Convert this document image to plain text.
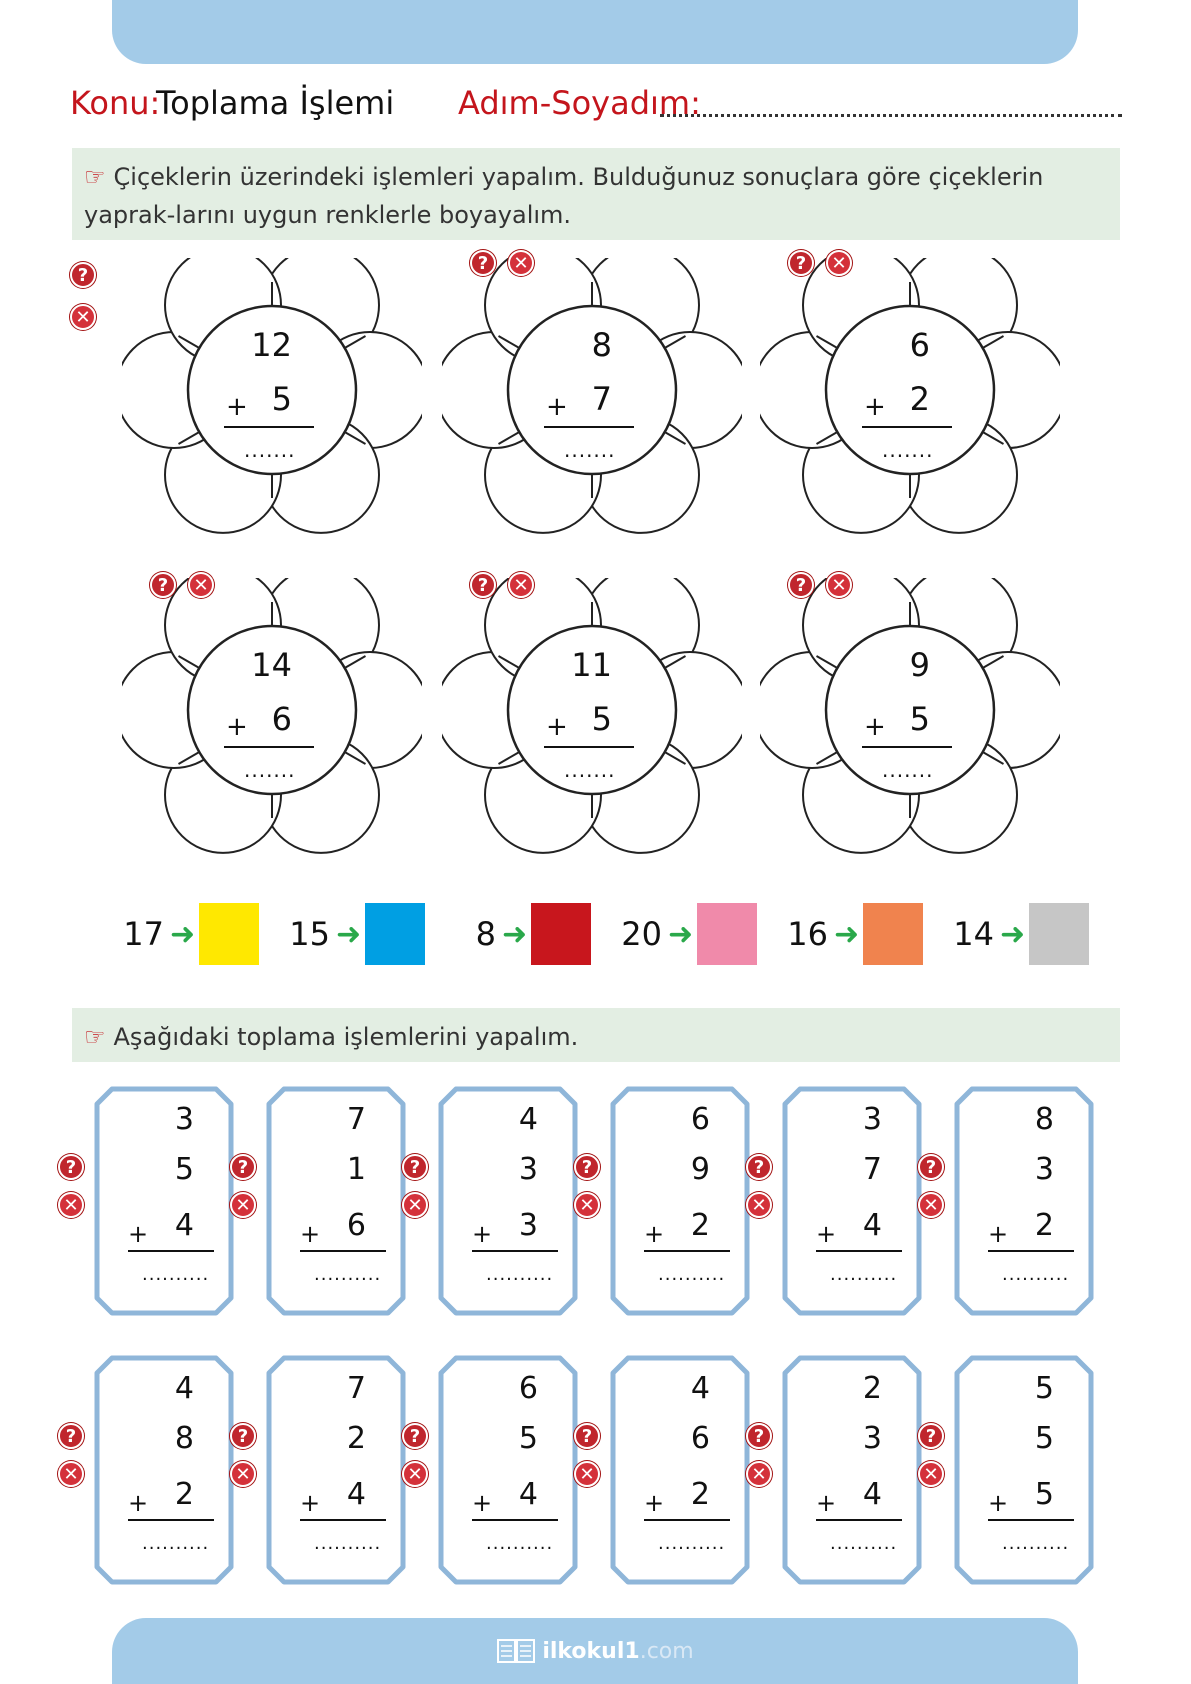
Konu:
Toplama İşlemi Adım-Soyadım:
☞ Çiçeklerin üzerindeki işlemleri yapalım. Bulduğunuz sonuçlara göre çiçeklerin yaprak-larını uygun renklerle boyayalım.
12
5
+
.......
?
✕
8
7
+
.......
?	✕
6
2
+
.......
?	✕
14
6
+
.......
?	✕
11
5
+
.......
?	✕
9
5
+
.......
?	✕
17 ➜	15 ➜	8 ➜	20 ➜	16 ➜	14 ➜
☞ Aşağıdaki toplama işlemlerini yapalım.
3
5
4
+
..........
?
✕
7
1
6
+
..........
?
✕
4
3
3
+
..........
?
✕
6
9
2
+
..........
?
✕
3
7
4
+
..........
?
✕
8
3
2
+
..........
?
✕
4
8
2
+
..........
?
✕
7
2
4
+
..........
?
✕
6
5
4
+
..........
?
✕
4
6
2
+
..........
?
✕
2
3
4
+
..........
?
✕
5
5
5
+
..........
?
✕
ilkokul1.com
